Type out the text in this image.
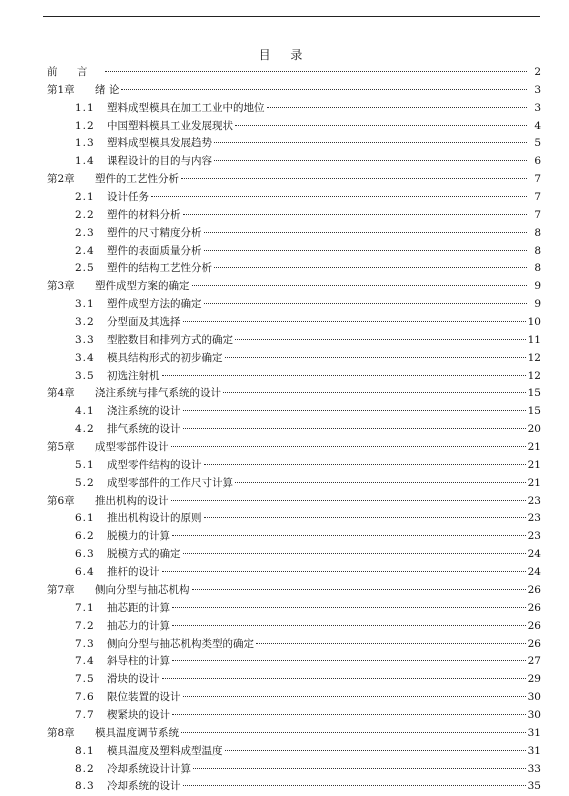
目 录
前 言	2
第1章	绪 论	3
1.1	塑料成型模具在加工工业中的地位	3
1.2	中国塑料模具工业发展现状	4
1.3	塑料成型模具发展趋势	5
1.4	课程设计的目的与内容	6
第2章	塑件的工艺性分析	7
2.1	设计任务	7
2.2	塑件的材料分析	7
2.3	塑件的尺寸精度分析	8
2.4	塑件的表面质量分析	8
2.5	塑件的结构工艺性分析	8
第3章	塑件成型方案的确定	9
3.1	塑件成型方法的确定	9
3.2	分型面及其选择	10
3.3	型腔数目和排列方式的确定	11
3.4	模具结构形式的初步确定	12
3.5	初选注射机	12
第4章	浇注系统与排气系统的设计	15
4.1	浇注系统的设计	15
4.2	排气系统的设计	20
第5章	成型零部件设计	21
5.1	成型零件结构的设计	21
5.2	成型零部件的工作尺寸计算	21
第6章	推出机构的设计	23
6.1	推出机构设计的原则	23
6.2	脱模力的计算	23
6.3	脱模方式的确定	24
6.4	推杆的设计	24
第7章	侧向分型与抽芯机构	26
7.1	抽芯距的计算	26
7.2	抽芯力的计算	26
7.3	侧向分型与抽芯机构类型的确定	26
7.4	斜导柱的计算	27
7.5	滑块的设计	29
7.6	限位装置的设计	30
7.7	楔紧块的设计	30
第8章	模具温度调节系统	31
8.1	模具温度及塑料成型温度	31
8.2	冷却系统设计计算	33
8.3	冷却系统的设计	35
